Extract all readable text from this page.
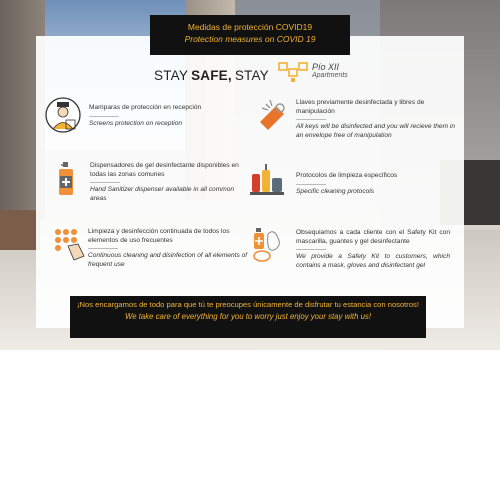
Medidas de protección COVID19
Protection measures on COVID 19
STAY SAFE, STAY
Pío XII
Apartments
Mamparas de protección en recepción
Screens protection on reception
Llaves previamente desinfectada y libres de manipulación
All keys will be disinfected and you will recieve them in an envelope free of manipulation
Dispensadores de gel desinfectante disponibles en todas las zonas comunes
Hand Sanitizer dispenser available in all common areas
Protocolos de limpieza específicos
Specific cleaning protocols
Limpieza y desinfección continuada de todos los elementos de uso frecuentes
Continuous cleaning and disinfection of all elements of frequent use
Obsequiamos a cada cliente con el Safety Kit con mascarilla, guantes y gel desinfectante
We provide a Safety Kit to customers, which contains a mask, gloves and disinfectant gel
¡Nos encargamos de todo para que tú te preocupes únicamente de disfrutar tu estancia con nosotros!
We take care of everything for you to worry just enjoy your stay with us!
